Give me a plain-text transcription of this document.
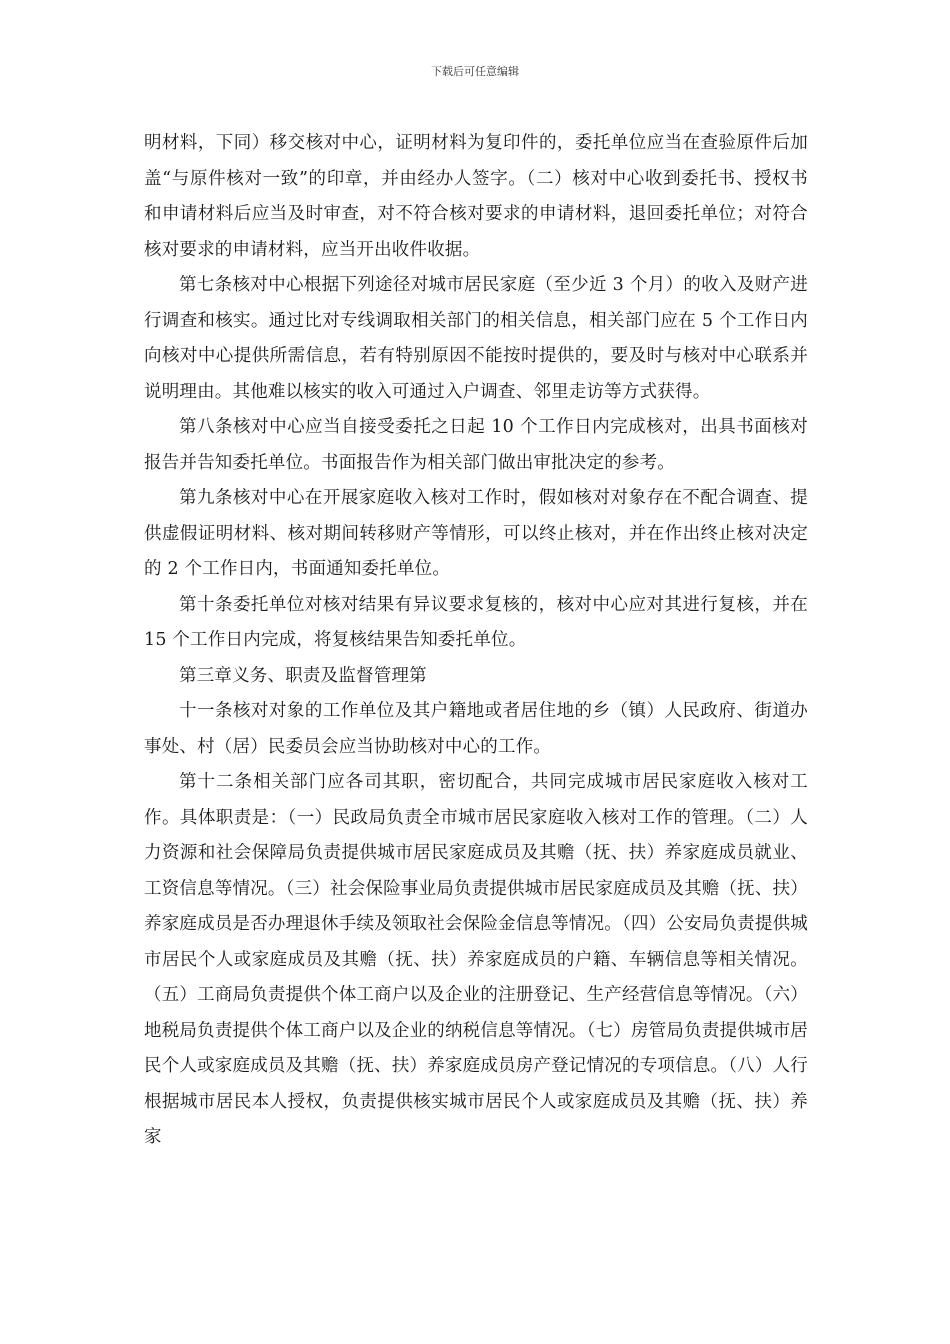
下载后可任意编辑

明材料，下同）移交核对中心，证明材料为复印件的，委托单位应当在查验原件后加盖“与原件核对一致”的印章，并由经办人签字。（二）核对中心收到委托书、授权书和申请材料后应当及时审查，对不符合核对要求的申请材料，退回委托单位；对符合核对要求的申请材料，应当开出收件收据。

第七条核对中心根据下列途径对城市居民家庭（至少近 3 个月）的收入及财产进行调查和核实。通过比对专线调取相关部门的相关信息，相关部门应在 5 个工作日内向核对中心提供所需信息，若有特别原因不能按时提供的，要及时与核对中心联系并说明理由。其他难以核实的收入可通过入户调查、邻里走访等方式获得。

第八条核对中心应当自接受委托之日起 10 个工作日内完成核对，出具书面核对报告并告知委托单位。书面报告作为相关部门做出审批决定的参考。

第九条核对中心在开展家庭收入核对工作时，假如核对对象存在不配合调查、提供虚假证明材料、核对期间转移财产等情形，可以终止核对，并在作出终止核对决定的 2 个工作日内，书面通知委托单位。

第十条委托单位对核对结果有异议要求复核的，核对中心应对其进行复核，并在 15 个工作日内完成，将复核结果告知委托单位。

第三章义务、职责及监督管理第

十一条核对对象的工作单位及其户籍地或者居住地的乡（镇）人民政府、街道办事处、村（居）民委员会应当协助核对中心的工作。

第十二条相关部门应各司其职，密切配合，共同完成城市居民家庭收入核对工作。具体职责是：（一）民政局负责全市城市居民家庭收入核对工作的管理。（二）人力资源和社会保障局负责提供城市居民家庭成员及其赡（抚、扶）养家庭成员就业、工资信息等情况。（三）社会保险事业局负责提供城市居民家庭成员及其赡（抚、扶）养家庭成员是否办理退休手续及领取社会保险金信息等情况。（四）公安局负责提供城市居民个人或家庭成员及其赡（抚、扶）养家庭成员的户籍、车辆信息等相关情况。（五）工商局负责提供个体工商户以及企业的注册登记、生产经营信息等情况。（六）地税局负责提供个体工商户以及企业的纳税信息等情况。（七）房管局负责提供城市居民个人或家庭成员及其赡（抚、扶）养家庭成员房产登记情况的专项信息。（八）人行根据城市居民本人授权，负责提供核实城市居民个人或家庭成员及其赡（抚、扶）养家
